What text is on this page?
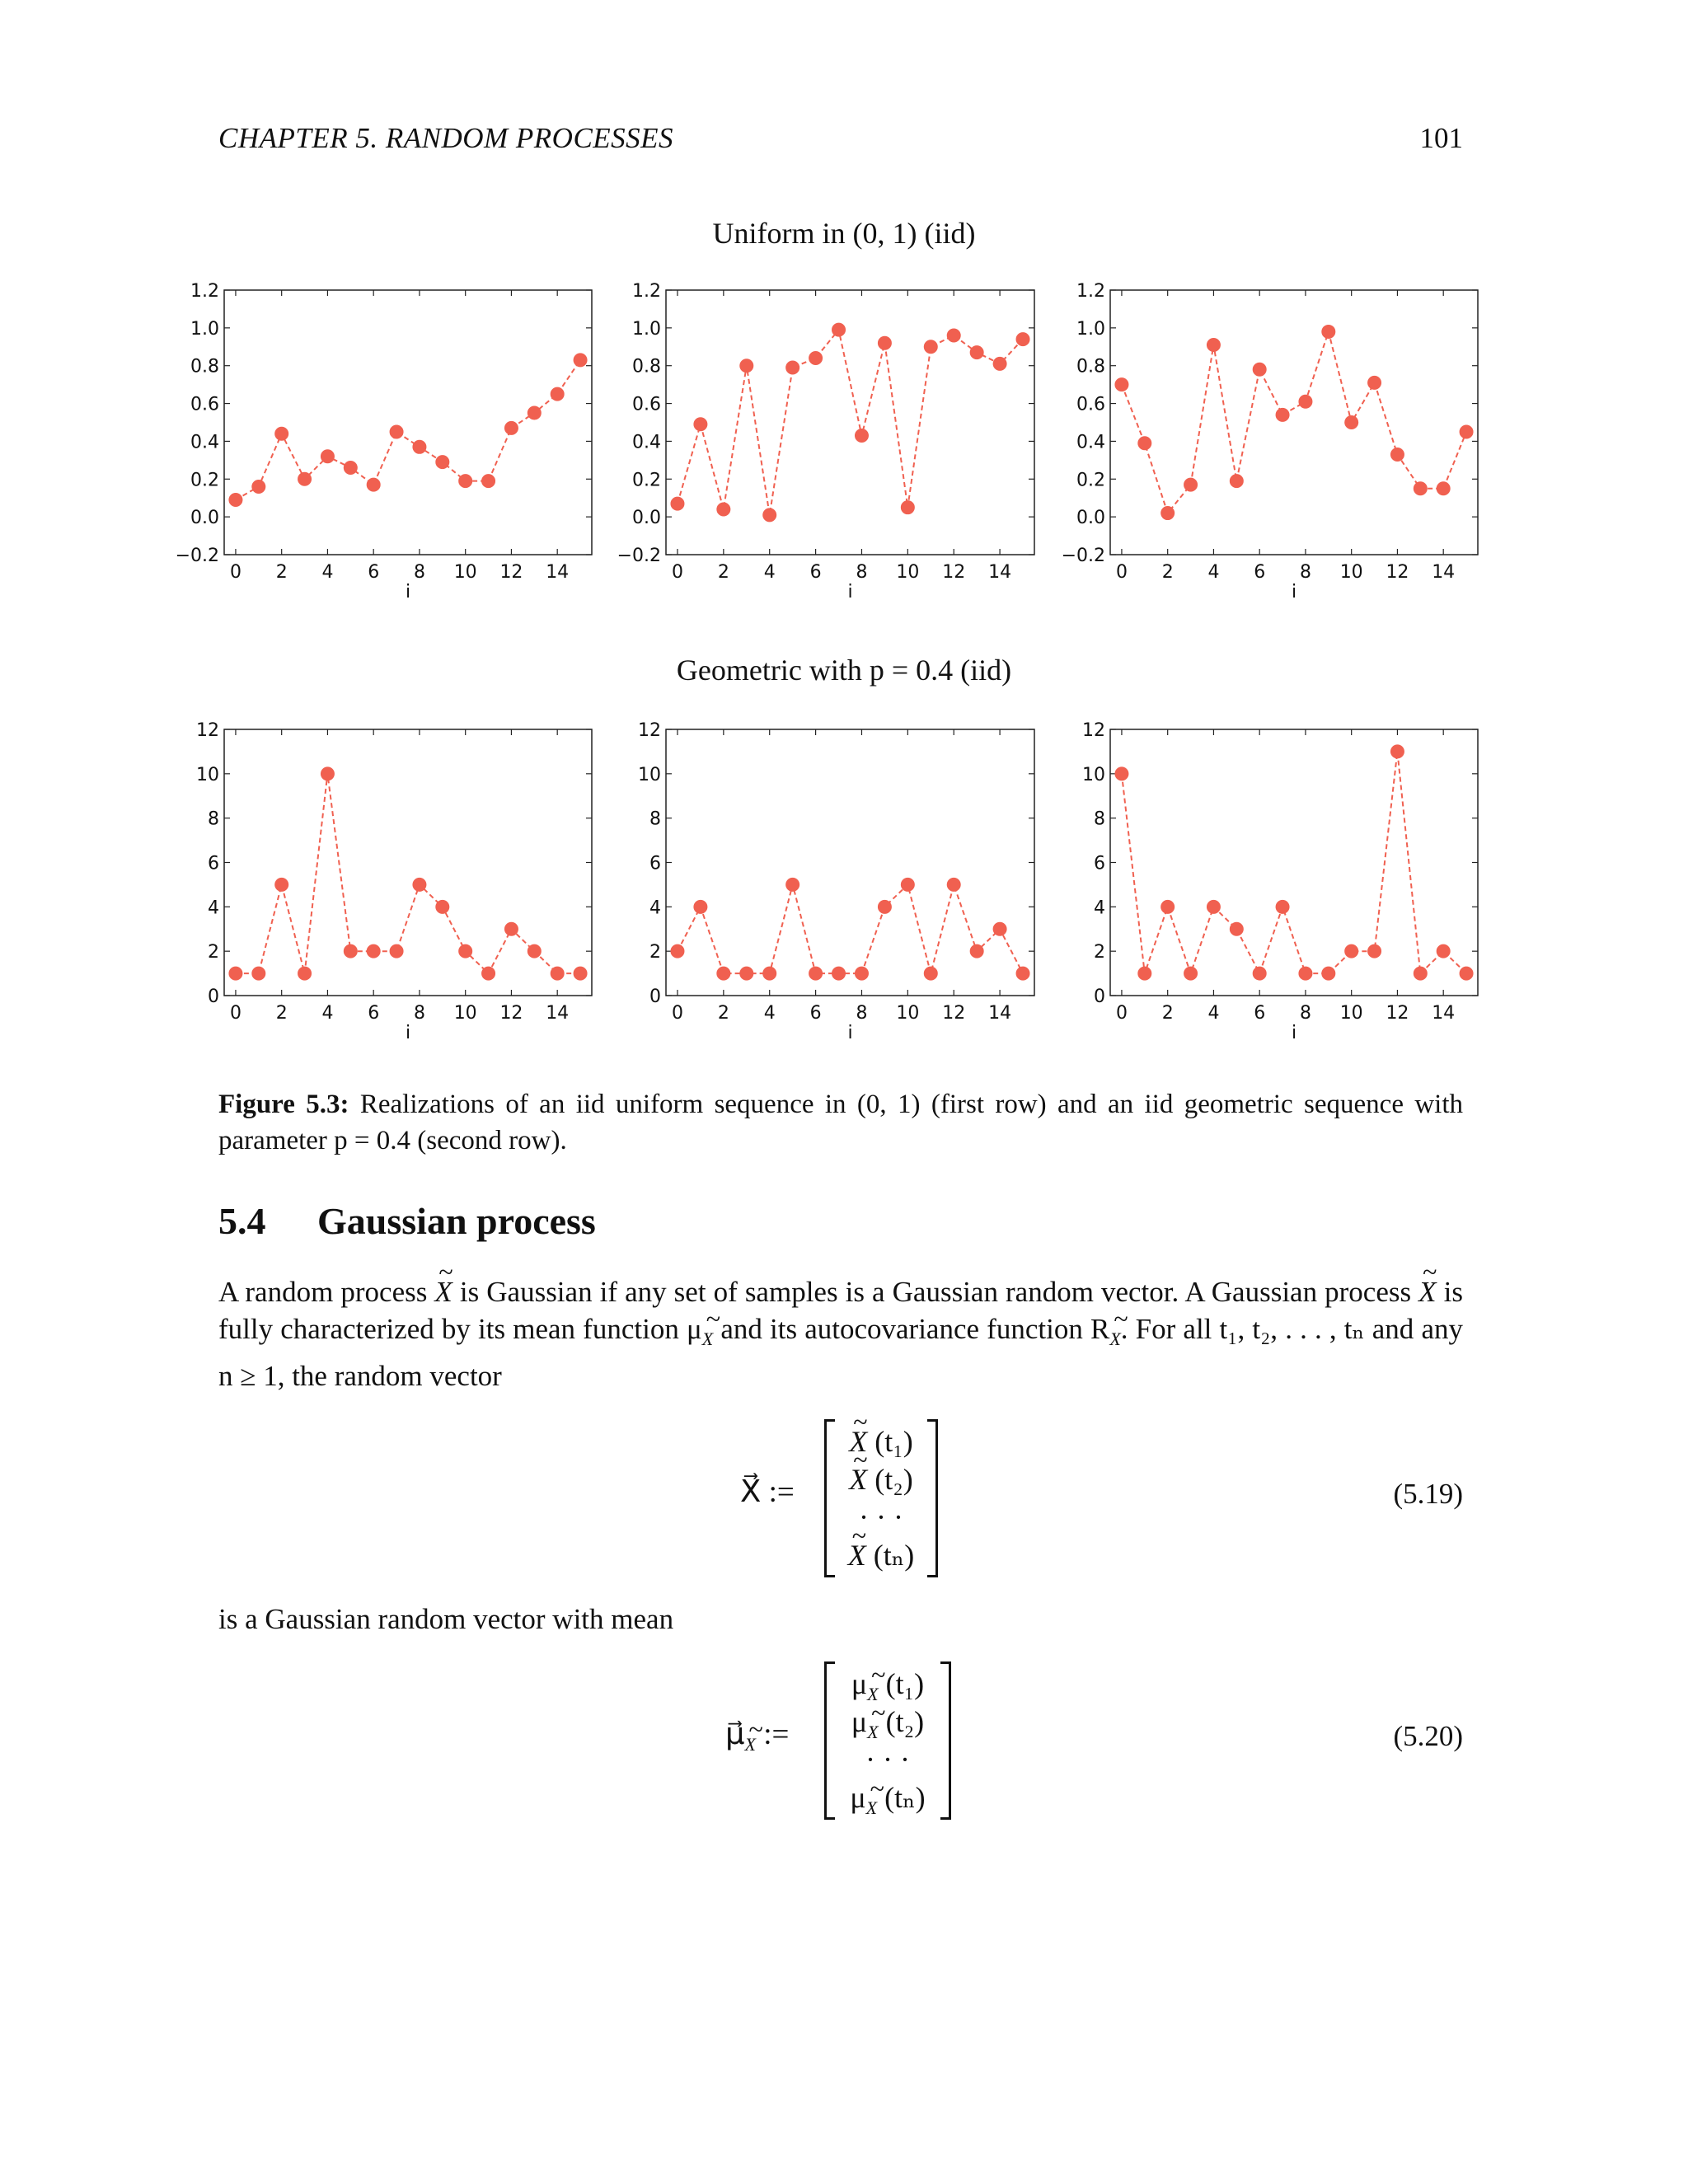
CHAPTER 5. RANDOM PROCESSES	101
Uniform in (0, 1) (iid)
Geometric with p = 0.4 (iid)
−0.2
0.0
0.2
0.4
0.6
0.8
1.0
1.2
0 2 4 6 8 10 12 14
i
−0.2
0.0
0.2
0.4
0.6
0.8
1.0
1.2
0 2 4 6 8 10 12 14
i
−0.2
0.0
0.2
0.4
0.6
0.8
1.0
1.2
0 2 4 6 8 10 12 14
i
0
2
4
6
8
10
12
0 2 4 6 8 10 12 14
i
0
2
4
6
8
10
12
0 2 4 6 8 10 12 14
i
0
2
4
6
8
10
12
0 2 4 6 8 10 12 14
i
Figure 5.3: Realizations of an iid uniform sequence in (0, 1) (first row) and an iid geometric sequence with parameter p = 0.4 (second row).
5.4 Gaussian process
A random process ~ X is Gaussian if any set of samples is a Gaussian random vector. A Gaussian process ~ X is fully characterized by its mean function μ~ $_X$ and its autocovariance function R~ $_X$. For all t₁, t₂, . . . , tₙ and any n ≥ 1, the random vector
X⃗ :=
~ X (t₁)
~ X (t₂)
· · ·
~ X (tₙ)
(5.19)
is a Gaussian random vector with mean
μ⃗~ $_X$ :=
μ~ $_X$ (t₁)
μ~ $_X$ (t₂)
· · ·
μ~ $_X$ (tₙ)
(5.20)
